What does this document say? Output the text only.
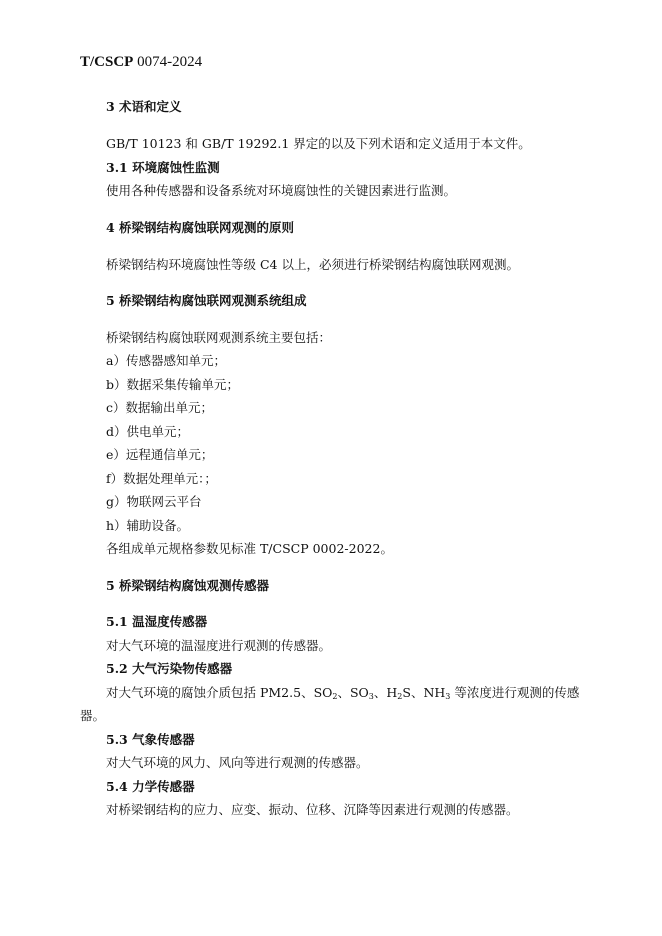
T/CSCP 0074-2024
3 术语和定义
GB/T 10123 和 GB/T 19292.1 界定的以及下列术语和定义适用于本文件。
3.1 环境腐蚀性监测
使用各种传感器和设备系统对环境腐蚀性的关键因素进行监测。
4 桥梁钢结构腐蚀联网观测的原则
桥梁钢结构环境腐蚀性等级 C4 以上，必须进行桥梁钢结构腐蚀联网观测。
5 桥梁钢结构腐蚀联网观测系统组成
桥梁钢结构腐蚀联网观测系统主要包括：
a）传感器感知单元；
b）数据采集传输单元；
c）数据输出单元；
d）供电单元；
e）远程通信单元；
f）数据处理单元：；
g）物联网云平台
h）辅助设备。
各组成单元规格参数见标准 T/CSCP 0002-2022。
5 桥梁钢结构腐蚀观测传感器
5.1 温湿度传感器
对大气环境的温湿度进行观测的传感器。
5.2 大气污染物传感器
对大气环境的腐蚀介质包括 PM2.5、$SO_2$、$SO_3$、$H_2S$、$NH_3$ 等浓度进行观测的传感
器。
5.3 气象传感器
对大气环境的风力、风向等进行观测的传感器。
5.4 力学传感器
对桥梁钢结构的应力、应变、振动、位移、沉降等因素进行观测的传感器。
